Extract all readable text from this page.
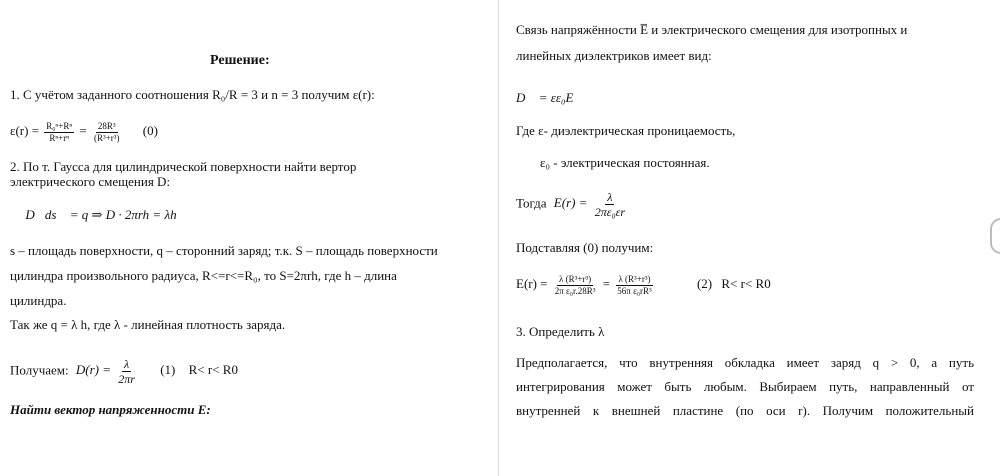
Решение:
1. С учётом заданного соотношения R₀/R = 3 и n = 3 получим ε(r):
$\varepsilon(r) = \frac{\text{R₀ⁿ+Rⁿ}}{\text{Rⁿ+rⁿ}} = \frac{\text{28R³}}{\text{(R³+r³)}} (0)$
2. По т. Гаусса для цилиндрической поверхности найти вертор
электрического смещения D:
∮ D⃗ds⃗ = q ⇒ D · 2πrh = λh
s – площадь поверхности, q – сторонний заряд; т.к. S – площадь поверхности
цилиндра произвольного радиуса, R<=r<=R₀, то S=2πrh, где h – длина
цилиндра.
Так же q = λ h, где λ - линейная плотность заряда.
Получаем: $D(r) = \frac{\lambda}{2\pi r} (1)$ R< r< R0
Найти вектор напряженности E:
Связь напряжённости E̅ и электрического смещения для изотропных и
линейных диэлектриков имеет вид:
D⃗ = εε₀E⃗
Где ε- диэлектрическая проницаемость,
ε₀ - электрическая постоянная.
Тогда $E(r) = \frac{\lambda}{\text{2πε₀εr}}$
Подставляя (0) получим:
$E(r) = \frac{\text{λ (R³+r³)}}{\text{2π ε₀r.28R³}} = \frac{\text{λ (R³+r³)}}{\text{56π ε₀rR³}}$	(2) R< r< R0
3. Определить λ
Предполагается, что внутренняя обкладка имеет заряд q > 0, а путь
интегрирования может быть любым. Выбираем путь, направленный от
внутренней к внешней пластине (по оси r). Получим положительный
